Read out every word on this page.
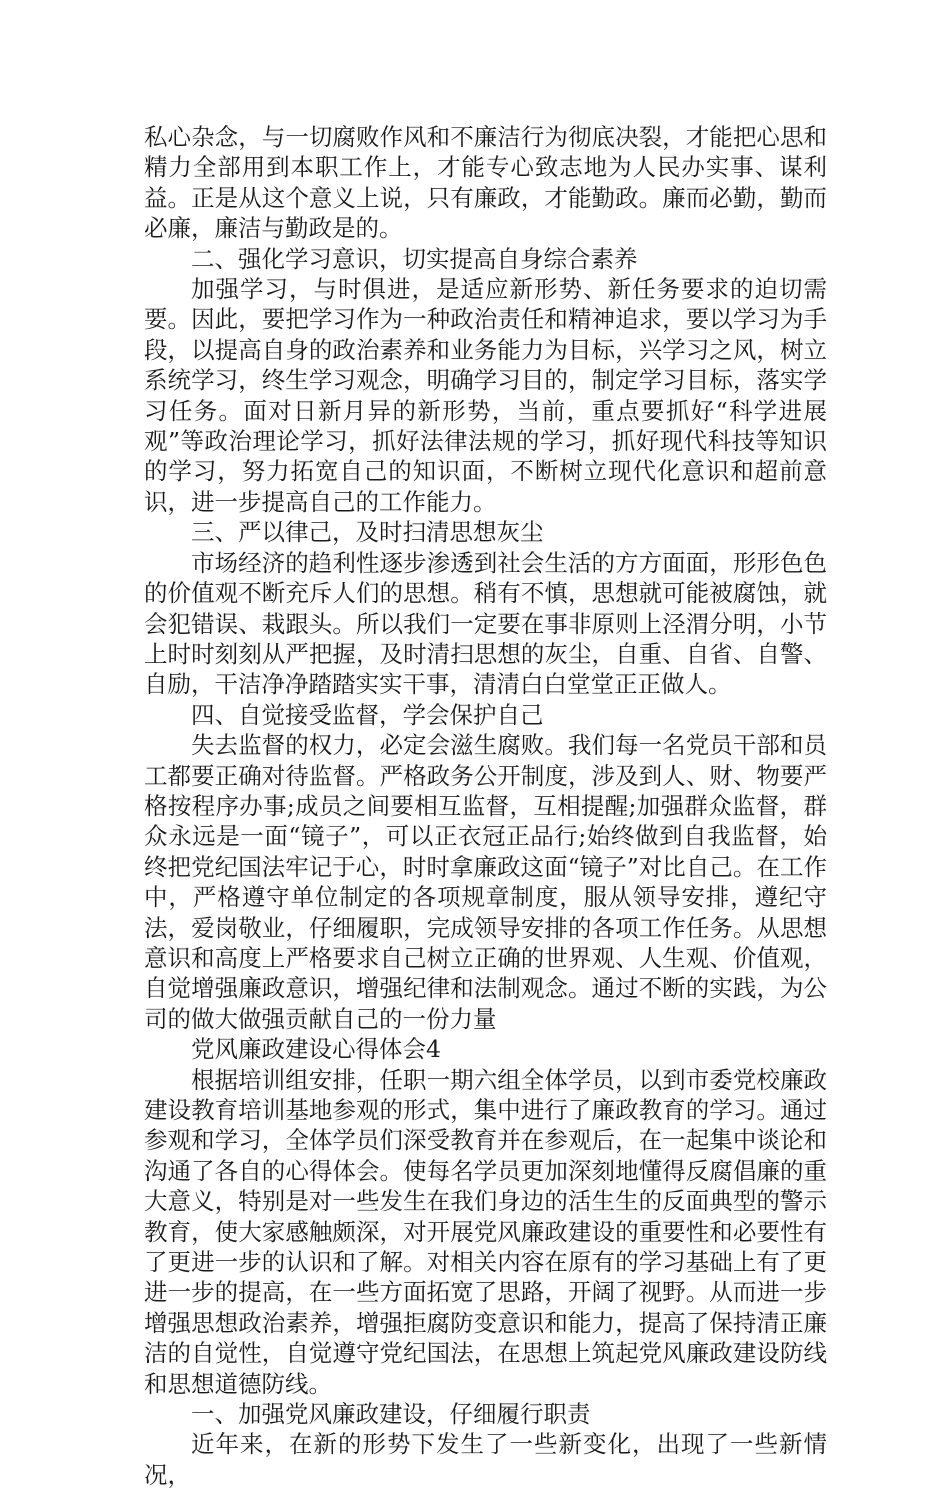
私心杂念，与一切腐败作风和不廉洁行为彻底决裂，才能把心思和精力全部用到本职工作上，才能专心致志地为人民办实事、谋利益。正是从这个意义上说，只有廉政，才能勤政。廉而必勤，勤而必廉，廉洁与勤政是的。

二、强化学习意识，切实提高自身综合素养

加强学习，与时俱进，是适应新形势、新任务要求的迫切需要。因此，要把学习作为一种政治责任和精神追求，要以学习为手段，以提高自身的政治素养和业务能力为目标，兴学习之风，树立系统学习，终生学习观念，明确学习目的，制定学习目标，落实学习任务。面对日新月异的新形势，当前，重点要抓好“科学进展观”等政治理论学习，抓好法律法规的学习，抓好现代科技等知识的学习，努力拓宽自己的知识面，不断树立现代化意识和超前意识，进一步提高自己的工作能力。

三、严以律己，及时扫清思想灰尘

市场经济的趋利性逐步渗透到社会生活的方方面面，形形色色的价值观不断充斥人们的思想。稍有不慎，思想就可能被腐蚀，就会犯错误、栽跟头。所以我们一定要在事非原则上泾渭分明，小节上时时刻刻从严把握，及时清扫思想的灰尘，自重、自省、自警、自励，干洁净净踏踏实实干事，清清白白堂堂正正做人。

四、自觉接受监督，学会保护自己

失去监督的权力，必定会滋生腐败。我们每一名党员干部和员工都要正确对待监督。严格政务公开制度，涉及到人、财、物要严格按程序办事;成员之间要相互监督，互相提醒;加强群众监督，群众永远是一面“镜子”，可以正衣冠正品行;始终做到自我监督，始终把党纪国法牢记于心，时时拿廉政这面“镜子”对比自己。在工作中，严格遵守单位制定的各项规章制度，服从领导安排，遵纪守法，爱岗敬业，仔细履职，完成领导安排的各项工作任务。从思想意识和高度上严格要求自己树立正确的世界观、人生观、价值观，自觉增强廉政意识，增强纪律和法制观念。通过不断的实践，为公司的做大做强贡献自己的一份力量

党风廉政建设心得体会4

根据培训组安排，任职一期六组全体学员，以到市委党校廉政建设教育培训基地参观的形式，集中进行了廉政教育的学习。通过参观和学习，全体学员们深受教育并在参观后，在一起集中谈论和沟通了各自的心得体会。使每名学员更加深刻地懂得反腐倡廉的重大意义，特别是对一些发生在我们身边的活生生的反面典型的警示教育，使大家感触颇深，对开展党风廉政建设的重要性和必要性有了更进一步的认识和了解。对相关内容在原有的学习基础上有了更进一步的提高，在一些方面拓宽了思路，开阔了视野。从而进一步增强思想政治素养，增强拒腐防变意识和能力，提高了保持清正廉洁的自觉性，自觉遵守党纪国法，在思想上筑起党风廉政建设防线和思想道德防线。

一、加强党风廉政建设，仔细履行职责

近年来，在新的形势下发生了一些新变化，出现了一些新情况，
